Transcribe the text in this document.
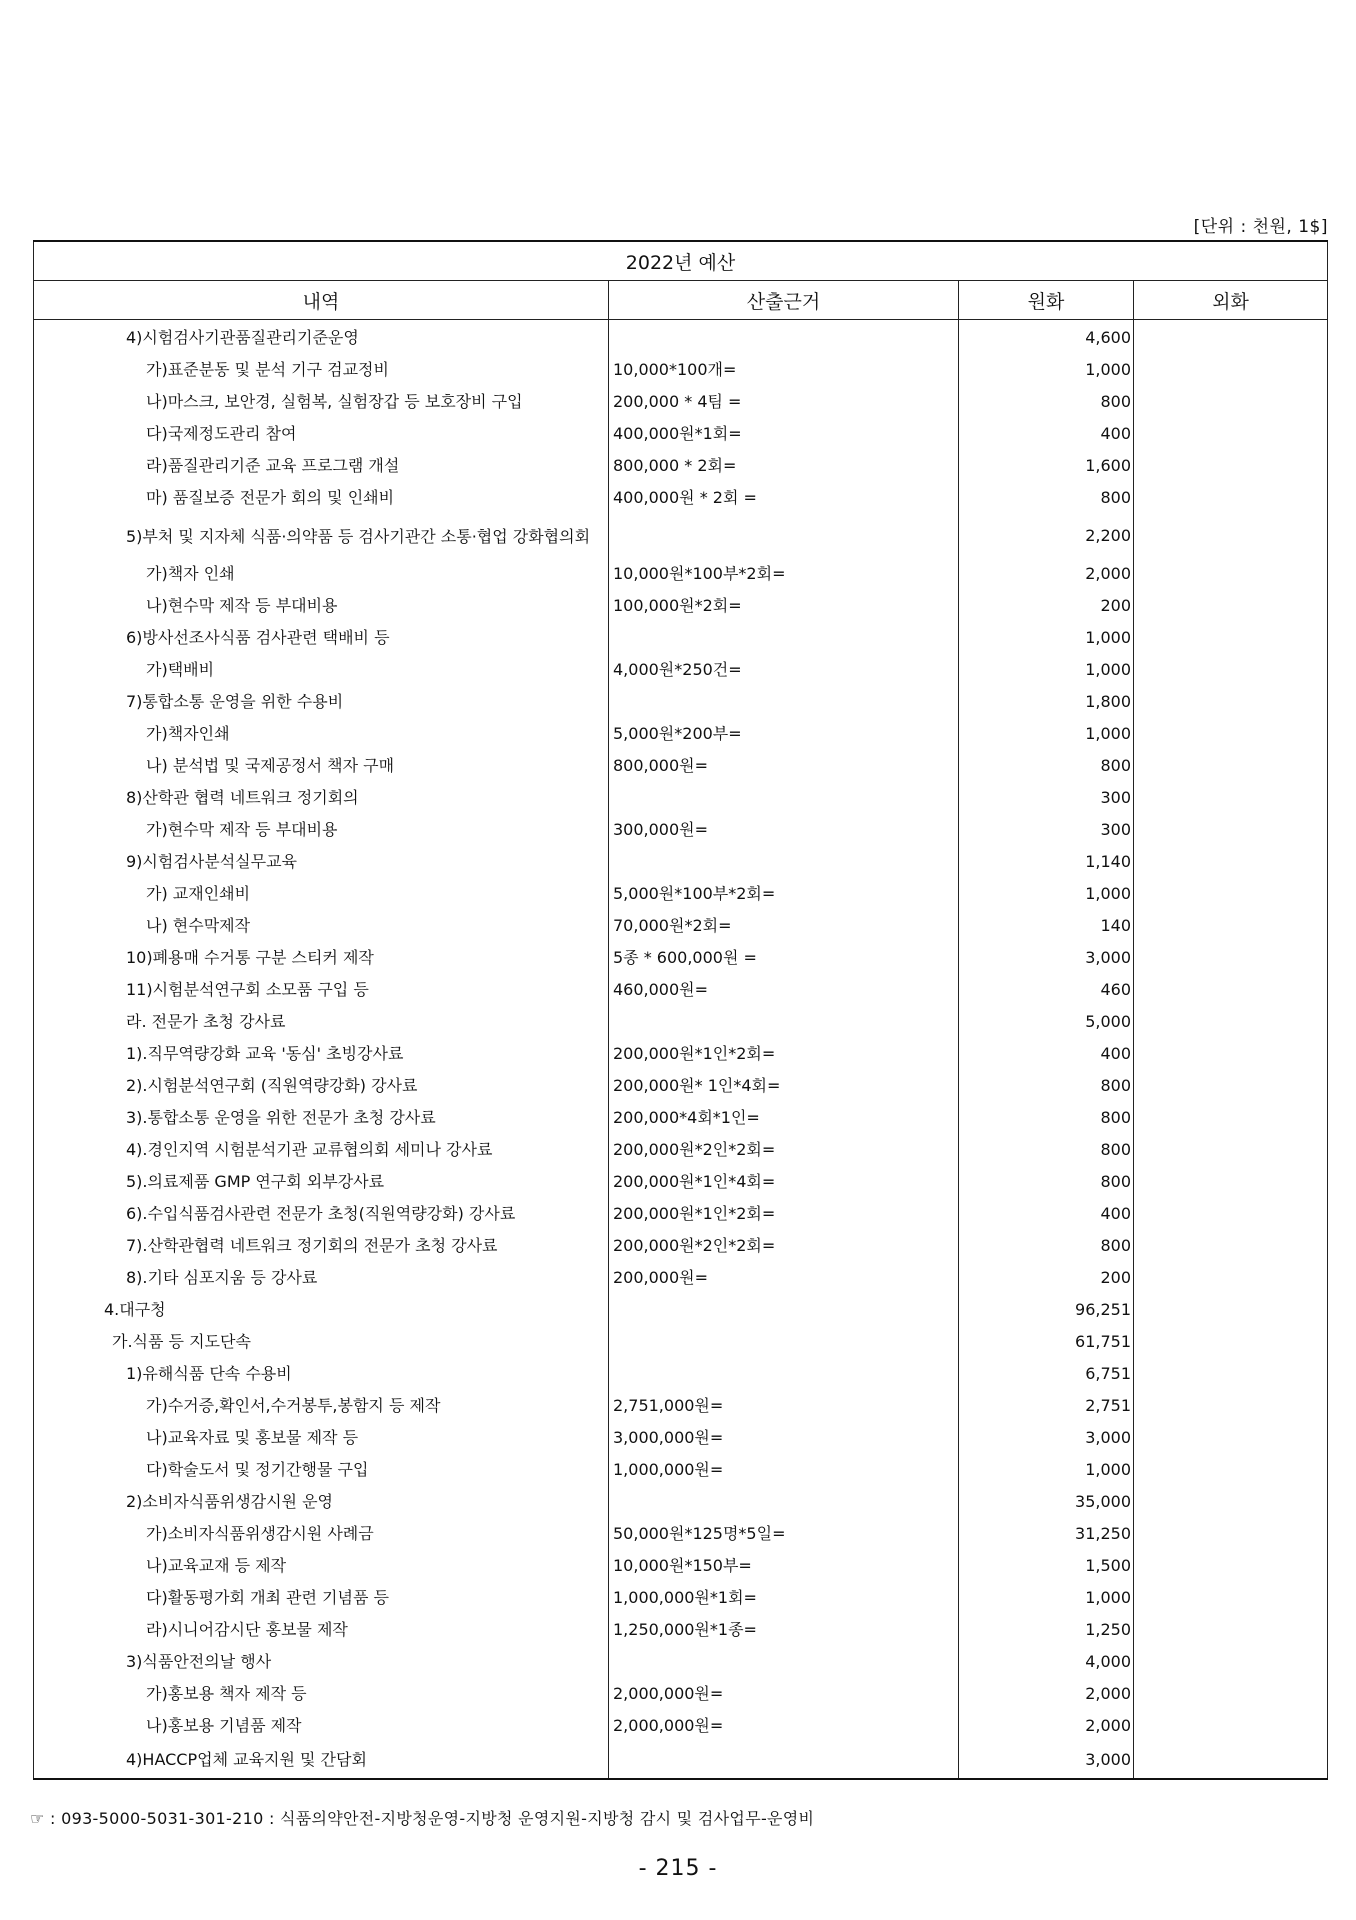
[단위 : 천원, 1$]
2022년 예산			
내역	산출근거	원화	외화
4)시험검사기관품질관리기준운영		4,600	
가)표준분동 및 분석 기구 검교정비	10,000*100개=	1,000	
나)마스크, 보안경, 실험복, 실험장갑 등 보호장비 구입	200,000 * 4팀 =	800	
다)국제정도관리 참여	400,000원*1회=	400	
라)품질관리기준 교육 프로그램 개설	800,000 * 2회=	1,600	
마) 품질보증 전문가 회의 및 인쇄비	400,000원 * 2회 =	800	
5)부처 및 지자체 식품·의약품 등 검사기관간 소통·협업 강화협의회		2,200	
가)책자 인쇄	10,000원*100부*2회=	2,000	
나)현수막 제작 등 부대비용	100,000원*2회=	200	
6)방사선조사식품 검사관련 택배비 등		1,000	
가)택배비	4,000원*250건=	1,000	
7)통합소통 운영을 위한 수용비		1,800	
가)책자인쇄	5,000원*200부=	1,000	
나) 분석법 및 국제공정서 책자 구매	800,000원=	800	
8)산학관 협력 네트워크 정기회의		300	
가)현수막 제작 등 부대비용	300,000원=	300	
9)시험검사분석실무교육		1,140	
가) 교재인쇄비	5,000원*100부*2회=	1,000	
나) 현수막제작	70,000원*2회=	140	
10)폐용매 수거통 구분 스티커 제작	5종 * 600,000원 =	3,000	
11)시험분석연구회 소모품 구입 등	460,000원=	460	
라. 전문가 초청 강사료		5,000	
1).직무역량강화 교육 '동심' 초빙강사료	200,000원*1인*2회=	400	
2).시험분석연구회 (직원역량강화) 강사료	200,000원* 1인*4회=	800	
3).통합소통 운영을 위한 전문가 초청 강사료	200,000*4회*1인=	800	
4).경인지역 시험분석기관 교류협의회 세미나 강사료	200,000원*2인*2회=	800	
5).의료제품 GMP 연구회 외부강사료	200,000원*1인*4회=	800	
6).수입식품검사관련 전문가 초청(직원역량강화) 강사료	200,000원*1인*2회=	400	
7).산학관협력 네트워크 정기회의 전문가 초청 강사료	200,000원*2인*2회=	800	
8).기타 심포지움 등 강사료	200,000원=	200	
4.대구청		96,251	
가.식품 등 지도단속		61,751	
1)유해식품 단속 수용비		6,751	
가)수거증,확인서,수거봉투,봉함지 등 제작	2,751,000원=	2,751	
나)교육자료 및 홍보물 제작 등	3,000,000원=	3,000	
다)학술도서 및 정기간행물 구입	1,000,000원=	1,000	
2)소비자식품위생감시원 운영		35,000	
가)소비자식품위생감시원 사례금	50,000원*125명*5일=	31,250	
나)교육교재 등 제작	10,000원*150부=	1,500	
다)활동평가회 개최 관련 기념품 등	1,000,000원*1회=	1,000	
라)시니어감시단 홍보물 제작	1,250,000원*1종=	1,250	
3)식품안전의날 행사		4,000	
가)홍보용 책자 제작 등	2,000,000원=	2,000	
나)홍보용 기념품 제작	2,000,000원=	2,000	
4)HACCP업체 교육지원 및 간담회		3,000	
☞ : 093-5000-5031-301-210 : 식품의약안전-지방청운영-지방청 운영지원-지방청 감시 및 검사업무-운영비
- 215 -
